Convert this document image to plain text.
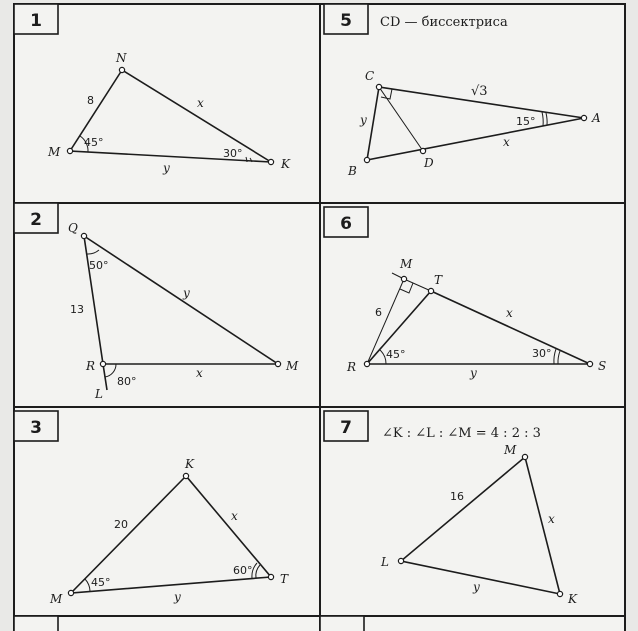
1
N
M
K
8	x
y
45°
30°
2 Q
R	M
L
13
y
x
50°
80°
3
K
M
T
20
x
y
45°
60°
5 CD — биссектриса
C
A
B
D
√3
y
x
15°
6
M
T
R	S
6	x
y
45°	30°
7 ∠K : ∠L : ∠M = 4 : 2 : 3
M
L
K
16
x
y
